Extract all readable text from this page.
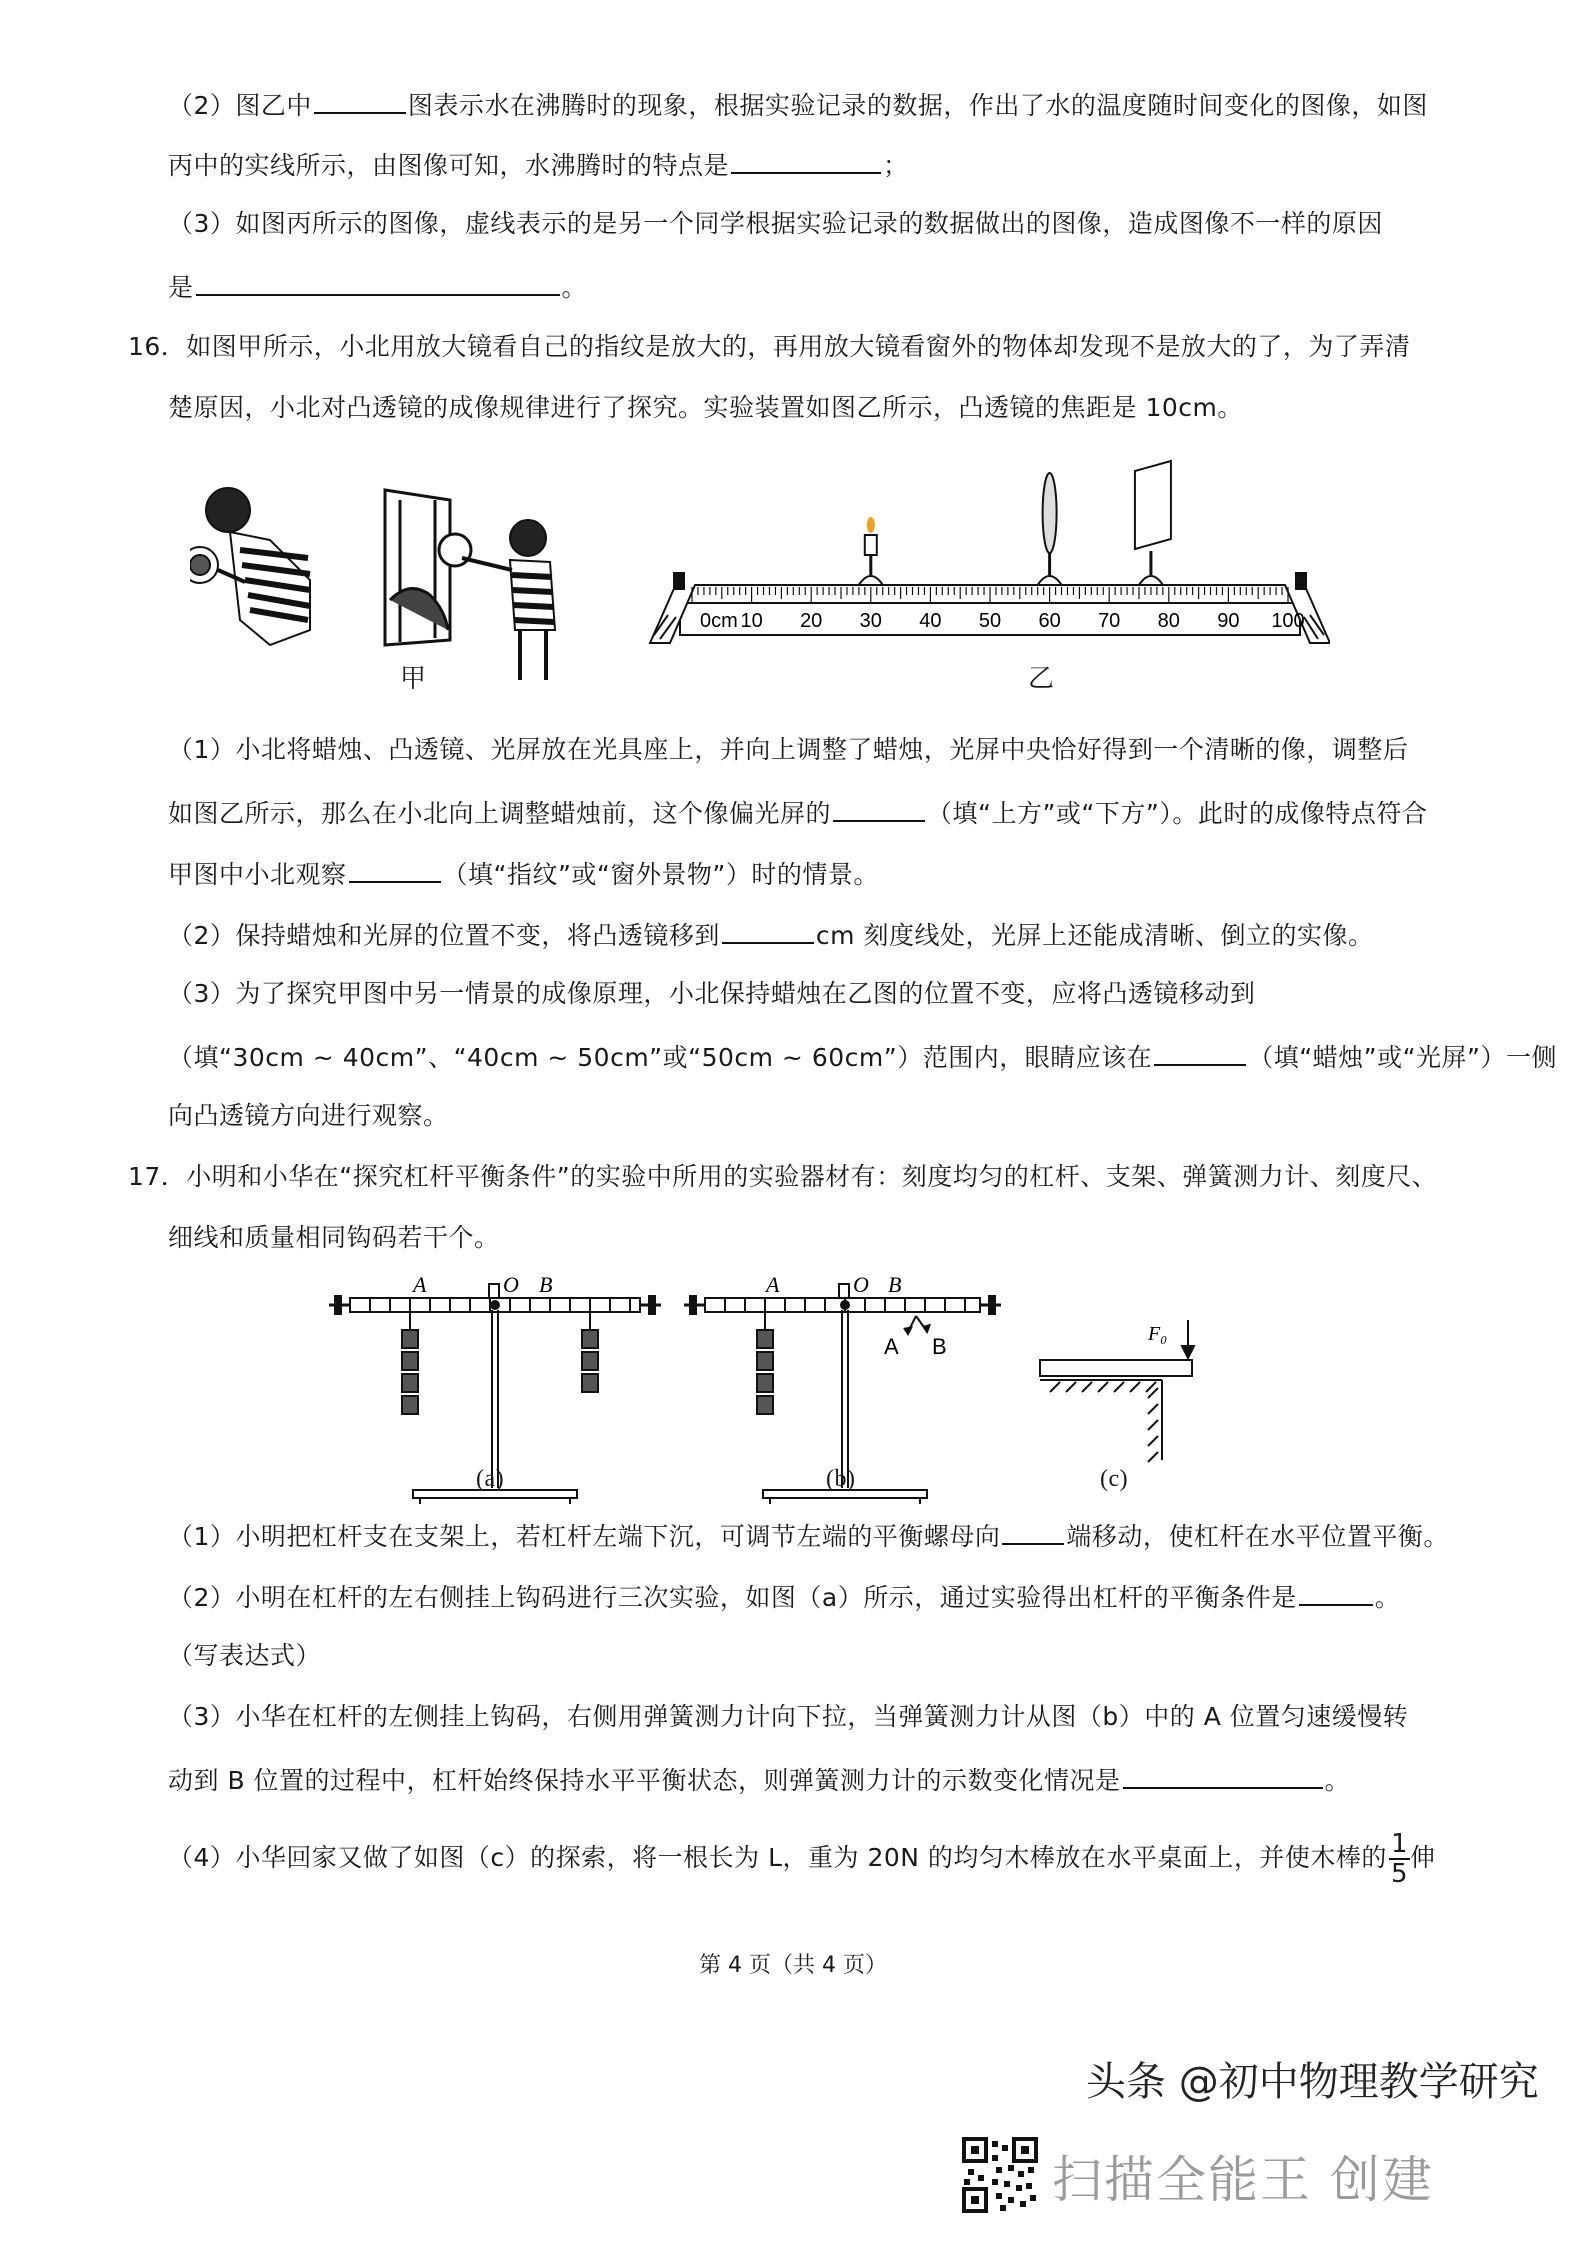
（2）图乙中	图表示水在沸腾时的现象，根据实验记录的数据，作出了水的温度随时间变化的图像，如图
丙中的实线所示，由图像可知，水沸腾时的特点是	；
（3）如图丙所示的图像，虚线表示的是另一个同学根据实验记录的数据做出的图像，造成图像不一样的原因
是	。
16．如图甲所示，小北用放大镜看自己的指纹是放大的，再用放大镜看窗外的物体却发现不是放大的了，为了弄清
楚原因，小北对凸透镜的成像规律进行了探究。实验装置如图乙所示，凸透镜的焦距是 10cm。
甲
0cm 10 20 30 40 50 60 70 80 90 100
乙
（1）小北将蜡烛、凸透镜、光屏放在光具座上，并向上调整了蜡烛，光屏中央恰好得到一个清晰的像，调整后
如图乙所示，那么在小北向上调整蜡烛前，这个像偏光屏的	（填“上方”或“下方”）。此时的成像特点符合
甲图中小北观察	（填“指纹”或“窗外景物”）时的情景。
（2）保持蜡烛和光屏的位置不变，将凸透镜移到	cm 刻度线处，光屏上还能成清晰、倒立的实像。
（3）为了探究甲图中另一情景的成像原理，小北保持蜡烛在乙图的位置不变，应将凸透镜移动到
（填“30cm ~ 40cm”、“40cm ~ 50cm”或“50cm ~ 60cm”）范围内，眼睛应该在	（填“蜡烛”或“光屏”）一侧
向凸透镜方向进行观察。
17．小明和小华在“探究杠杆平衡条件”的实验中所用的实验器材有：刻度均匀的杠杆、支架、弹簧测力计、刻度尺、
细线和质量相同钩码若干个。
A	O B
(a)
A	O B
A B
(b)
F₀
(c)
（1）小明把杠杆支在支架上，若杠杆左端下沉，可调节左端的平衡螺母向	端移动，使杠杆在水平位置平衡。
（2）小明在杠杆的左右侧挂上钩码进行三次实验，如图（a）所示，通过实验得出杠杆的平衡条件是	。
（写表达式）
（3）小华在杠杆的左侧挂上钩码，右侧用弹簧测力计向下拉，当弹簧测力计从图（b）中的 A 位置匀速缓慢转
动到 B 位置的过程中，杠杆始终保持水平平衡状态，则弹簧测力计的示数变化情况是	。
（4）小华回家又做了如图（c）的探索，将一根长为 L，重为 20N 的均匀木棒放在水平桌面上，并使木棒的 $\frac{1}{5}$ 伸
第 4 页（共 4 页）
头条 @初中物理教学研究
扫描全能王 创建
